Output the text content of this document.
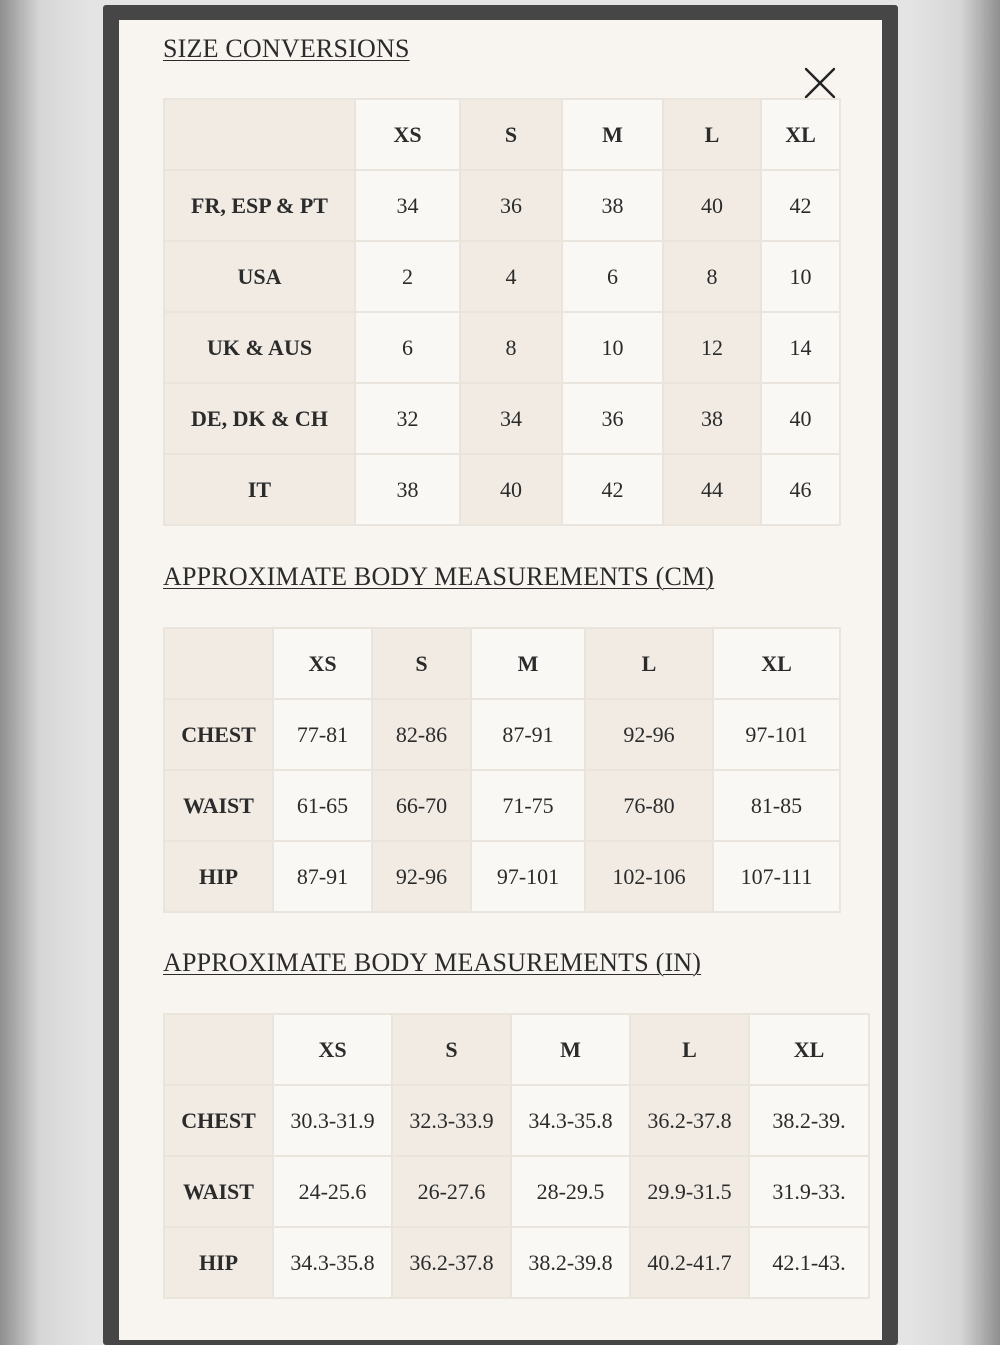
SIZE CONVERSIONS
	XS	S	M	L	XL
FR, ESP & PT	34	36	38	40	42
USA	2	4	6	8	10
UK & AUS	6	8	10	12	14
DE, DK & CH	32	34	36	38	40
IT	38	40	42	44	46
APPROXIMATE BODY MEASUREMENTS (CM)
	XS	S	M	L	XL
CHEST	77-81	82-86	87-91	92-96	97-101
WAIST	61-65	66-70	71-75	76-80	81-85
HIP	87-91	92-96	97-101	102-106	107-111
APPROXIMATE BODY MEASUREMENTS (IN)
	XS	S	M	L	XL
CHEST	30.3-31.9	32.3-33.9	34.3-35.8	36.2-37.8	38.2-39.
WAIST	24-25.6	26-27.6	28-29.5	29.9-31.5	31.9-33.
HIP	34.3-35.8	36.2-37.8	38.2-39.8	40.2-41.7	42.1-43.
